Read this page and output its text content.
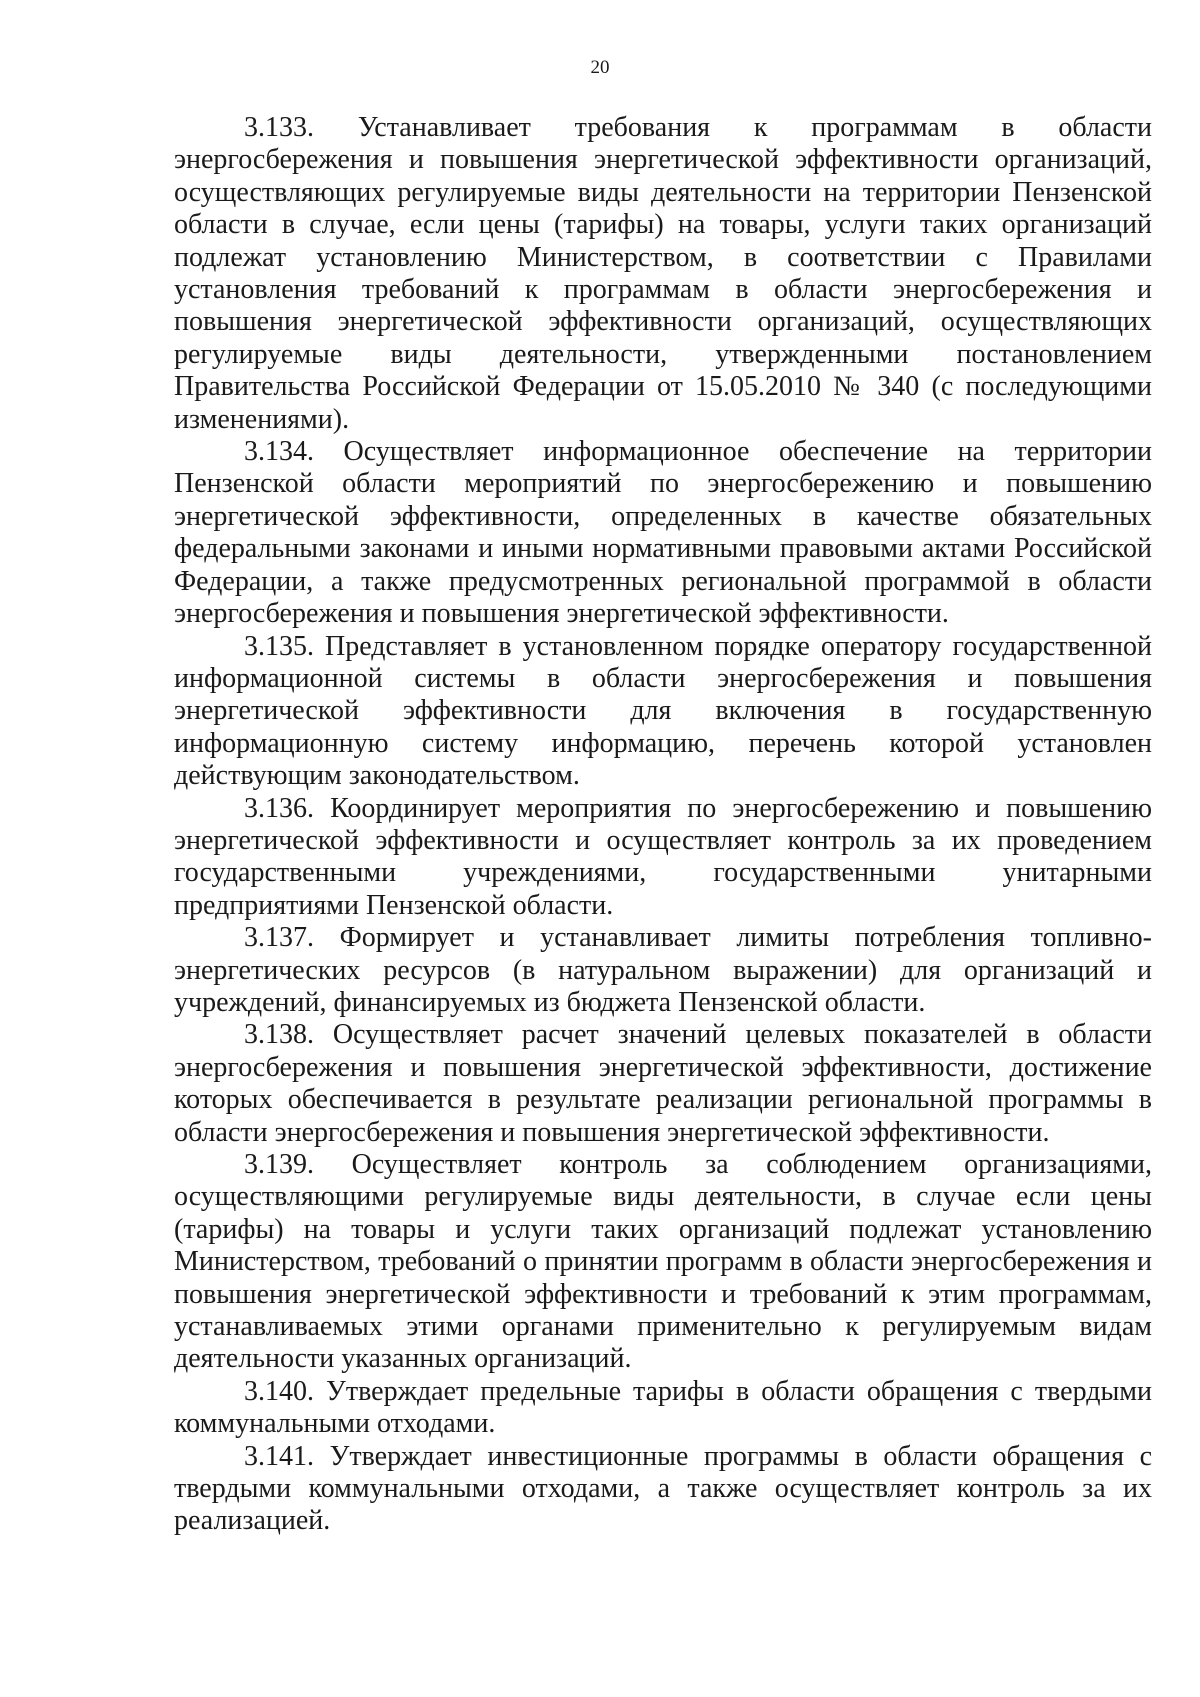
20

3.133. Устанавливает требования к программам в области энергосбережения и повышения энергетической эффективности организаций, осуществляющих регулируемые виды деятельности на территории Пензенской области в случае, если цены (тарифы) на товары, услуги таких организаций подлежат установлению Министерством, в соответствии с Правилами установления требований к программам в области энергосбережения и повышения энергетической эффективности организаций, осуществляющих регулируемые виды деятельности, утвержденными постановлением Правительства Российской Федерации от 15.05.2010 № 340 (с последующими изменениями).

3.134. Осуществляет информационное обеспечение на территории Пензенской области мероприятий по энергосбережению и повышению энергетической эффективности, определенных в качестве обязательных федеральными законами и иными нормативными правовыми актами Российской Федерации, а также предусмотренных региональной программой в области энергосбережения и повышения энергетической эффективности.

3.135. Представляет в установленном порядке оператору государственной информационной системы в области энергосбережения и повышения энергетической эффективности для включения в государственную информационную систему информацию, перечень которой установлен действующим законодательством.

3.136. Координирует мероприятия по энергосбережению и повышению энергетической эффективности и осуществляет контроль за их проведением государственными учреждениями, государственными унитарными предприятиями Пензенской области.

3.137. Формирует и устанавливает лимиты потребления топливно-энергетических ресурсов (в натуральном выражении) для организаций и учреждений, финансируемых из бюджета Пензенской области.

3.138. Осуществляет расчет значений целевых показателей в области энергосбережения и повышения энергетической эффективности, достижение которых обеспечивается в результате реализации региональной программы в области энергосбережения и повышения энергетической эффективности.

3.139. Осуществляет контроль за соблюдением организациями, осуществляющими регулируемые виды деятельности, в случае если цены (тарифы) на товары и услуги таких организаций подлежат установлению Министерством, требований о принятии программ в области энергосбережения и повышения энергетической эффективности и требований к этим программам, устанавливаемых этими органами применительно к регулируемым видам деятельности указанных организаций.

3.140. Утверждает предельные тарифы в области обращения с твердыми коммунальными отходами.

3.141. Утверждает инвестиционные программы в области обращения с твердыми коммунальными отходами, а также осуществляет контроль за их реализацией.
